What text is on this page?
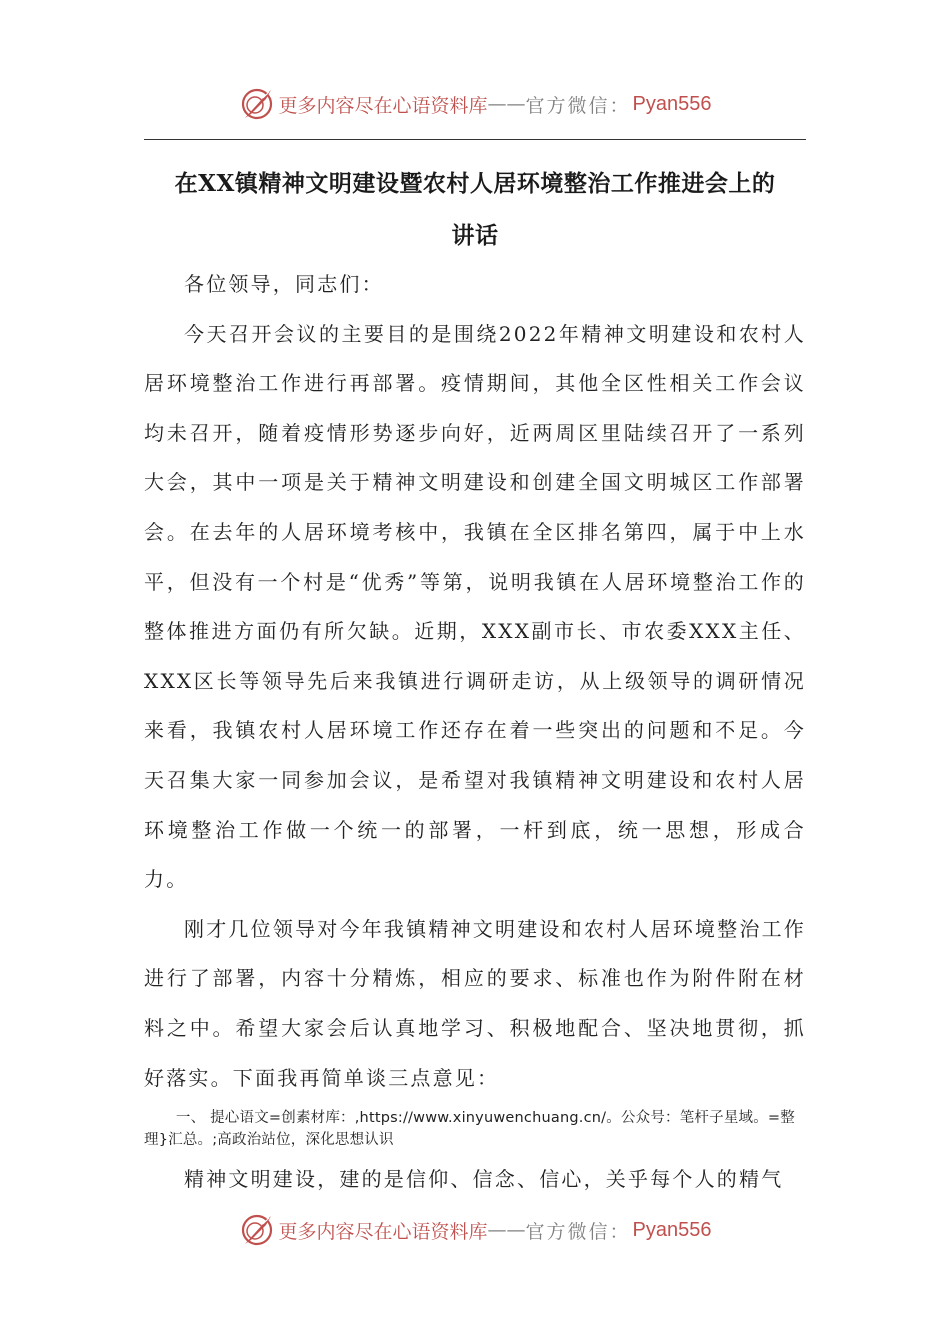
更多内容尽在心语资料库 —— 官方微信： Pyan556
在XX镇精神文明建设暨农村人居环境整治工作推进会上的
讲话

各位领导，同志们：

今天召开会议的主要目的是围绕2022年精神文明建设和农村人居环境整治工作进行再部署。疫情期间，其他全区性相关工作会议均未召开，随着疫情形势逐步向好，近两周区里陆续召开了一系列大会，其中一项是关于精神文明建设和创建全国文明城区工作部署会。在去年的人居环境考核中，我镇在全区排名第四，属于中上水平，但没有一个村是“优秀”等第，说明我镇在人居环境整治工作的整体推进方面仍有所欠缺。近期，XXX副市长、市农委XXX主任、XXX区长等领导先后来我镇进行调研走访，从上级领导的调研情况来看，我镇农村人居环境工作还存在着一些突出的问题和不足。今天召集大家一同参加会议，是希望对我镇精神文明建设和农村人居环境整治工作做一个统一的部署，一杆到底，统一思想，形成合力。

刚才几位领导对今年我镇精神文明建设和农村人居环境整治工作进行了部署，内容十分精炼，相应的要求、标准也作为附件附在材料之中。希望大家会后认真地学习、积极地配合、坚决地贯彻，抓好落实。下面我再简单谈三点意见：

一、 提心语文=创素材库：,https://www.xinyuwenchuang.cn/。公众号：笔杆子星域。=整理}汇总。;高政治站位，深化思想认识

精神文明建设，建的是信仰、信念、信心，关乎每个人的精气

更多内容尽在心语资料库 —— 官方微信： Pyan556
